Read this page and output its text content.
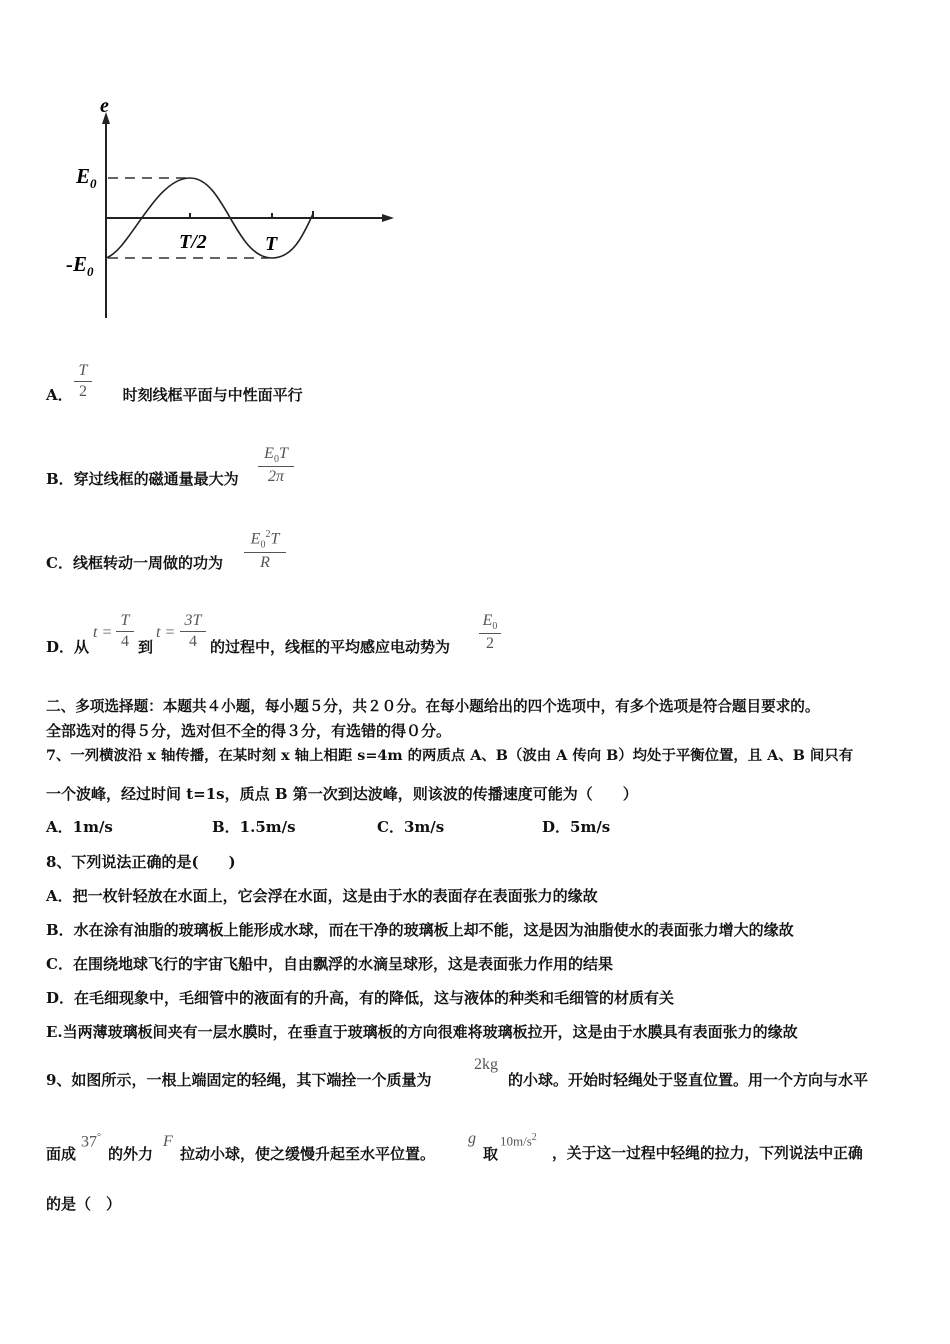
e
$E_0$
$-E_0$
T/2	T
A．	时刻线框平面与中性面平行
T
2
B．穿过线框的磁通量最大为
$E_0T$
2π
C．线框转动一周做的功为
$E_0^2T$
R
D．从
t =
T
4 到
t =
3T
4 的过程中，线框的平均感应电动势为
$E_0$
2
二、多项选择题：本题共４小题，每小题５分，共２０分。在每小题给出的四个选项中，有多个选项是符合题目要求的。
全部选对的得５分，选对但不全的得３分，有选错的得０分。
7、一列横波沿 x 轴传播，在某时刻 x 轴上相距 s=4m 的两质点 A、B（波由 A 传向 B）均处于平衡位置，且 A、B 间只有
一个波峰，经过时间 t=1s，质点 B 第一次到达波峰，则该波的传播速度可能为（　　）
A．1m/s	B．1.5m/s	C．3m/s	D．5m/s
8、下列说法正确的是(　　)
A．把一枚针轻放在水面上，它会浮在水面，这是由于水的表面存在表面张力的缘故
B．水在涂有油脂的玻璃板上能形成水球，而在干净的玻璃板上却不能，这是因为油脂使水的表面张力增大的缘故
C．在围绕地球飞行的宇宙飞船中，自由飘浮的水滴呈球形，这是表面张力作用的结果
D．在毛细现象中，毛细管中的液面有的升高，有的降低，这与液体的种类和毛细管的材质有关
E.当两薄玻璃板间夹有一层水膜时，在垂直于玻璃板的方向很难将玻璃板拉开，这是由于水膜具有表面张力的缘故
9、如图所示，一根上端固定的轻绳，其下端拴一个质量为
2kg
的小球。开始时轻绳处于竖直位置。用一个方向与水平
面成
37°
的外力
F
拉动小球，使之缓慢升起至水平位置。
g
取
$10m/s^2$
，关于这一过程中轻绳的拉力，下列说法中正确
的是（　）
